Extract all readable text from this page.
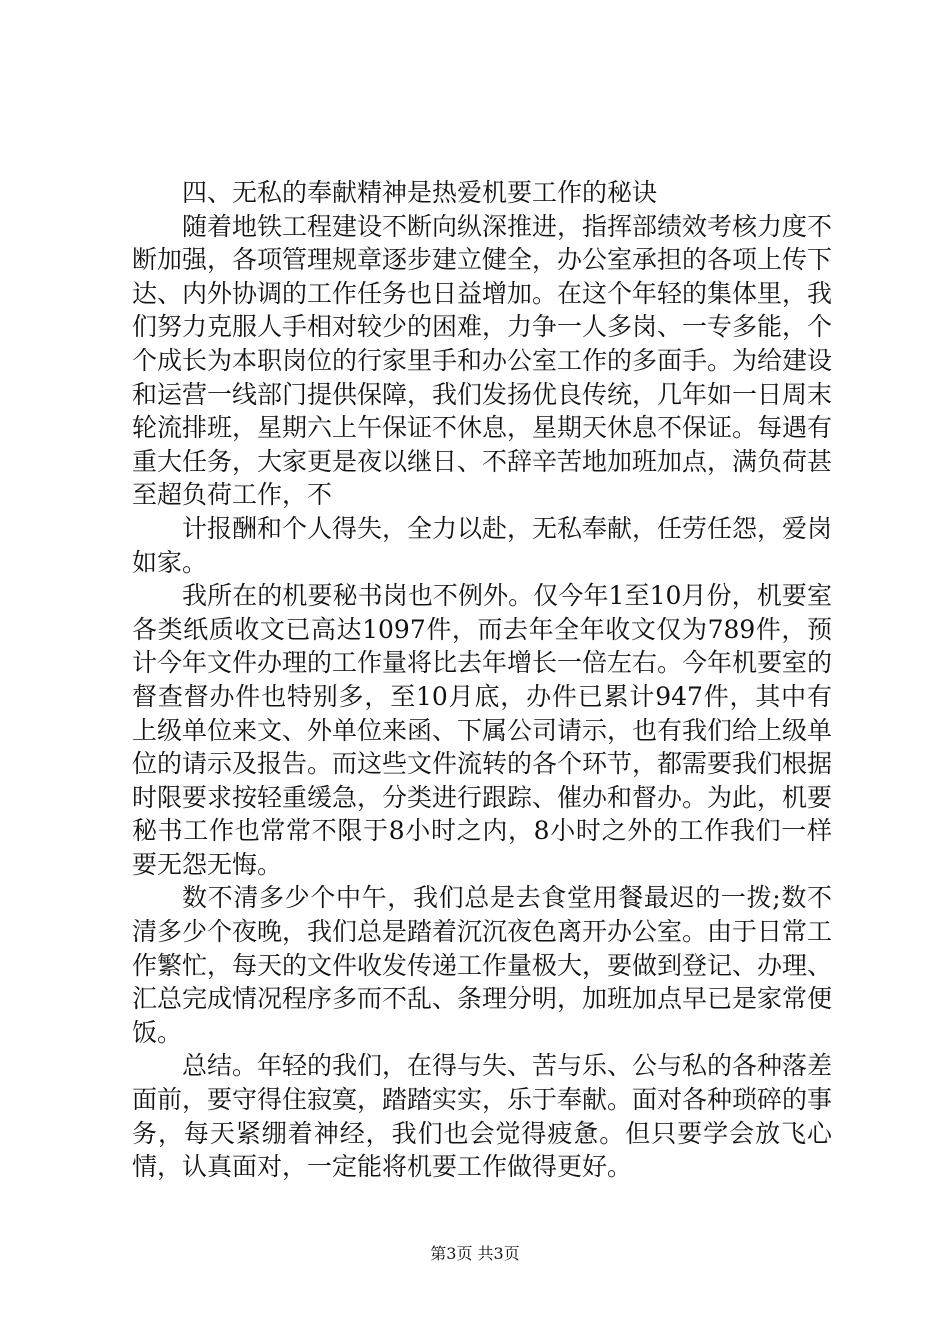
四、无私的奉献精神是热爱机要工作的秘诀

随着地铁工程建设不断向纵深推进，指挥部绩效考核力度不断加强，各项管理规章逐步建立健全，办公室承担的各项上传下达、内外协调的工作任务也日益增加。在这个年轻的集体里，我们努力克服人手相对较少的困难，力争一人多岗、一专多能，个个成长为本职岗位的行家里手和办公室工作的多面手。为给建设和运营一线部门提供保障，我们发扬优良传统，几年如一日周末轮流排班，星期六上午保证不休息，星期天休息不保证。每遇有重大任务，大家更是夜以继日、不辞辛苦地加班加点，满负荷甚至超负荷工作，不

计报酬和个人得失，全力以赴，无私奉献，任劳任怨，爱岗如家。

我所在的机要秘书岗也不例外。仅今年1至10月份，机要室各类纸质收文已高达1097件，而去年全年收文仅为789件，预计今年文件办理的工作量将比去年增长一倍左右。今年机要室的督查督办件也特别多，至10月底，办件已累计947件，其中有上级单位来文、外单位来函、下属公司请示，也有我们给上级单位的请示及报告。而这些文件流转的各个环节，都需要我们根据时限要求按轻重缓急，分类进行跟踪、催办和督办。为此，机要秘书工作也常常不限于8小时之内，8小时之外的工作我们一样要无怨无悔。

数不清多少个中午，我们总是去食堂用餐最迟的一拨;数不清多少个夜晚，我们总是踏着沉沉夜色离开办公室。由于日常工作繁忙，每天的文件收发传递工作量极大，要做到登记、办理、汇总完成情况程序多而不乱、条理分明，加班加点早已是家常便饭。

总结。年轻的我们，在得与失、苦与乐、公与私的各种落差面前，要守得住寂寞，踏踏实实，乐于奉献。面对各种琐碎的事务，每天紧绷着神经，我们也会觉得疲惫。但只要学会放飞心情，认真面对，一定能将机要工作做得更好。

第3页 共3页
